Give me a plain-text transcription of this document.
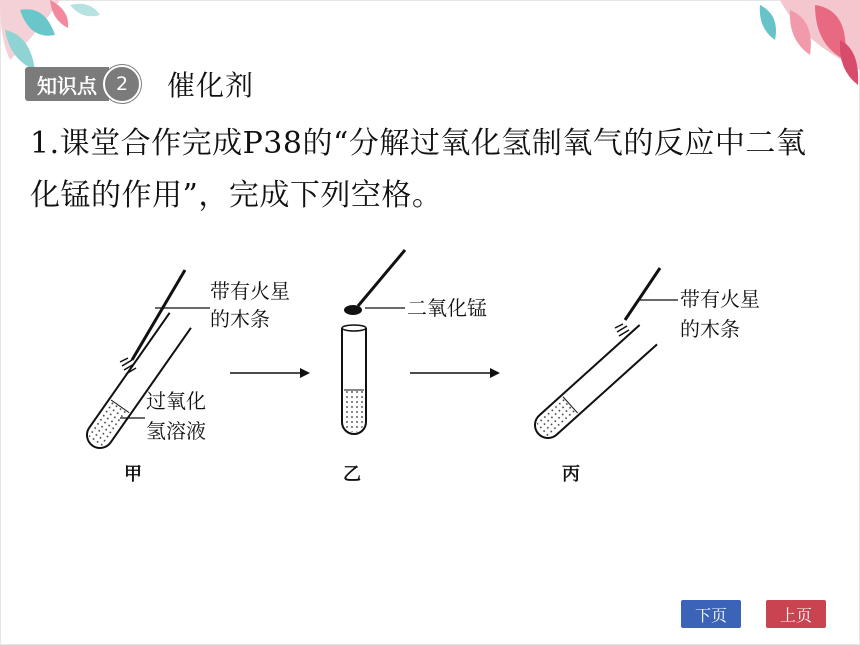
知识点 2	催化剂
1.课堂合作完成P38的“分解过氧化氢制氧气的反应中二氧化锰的作用”，完成下列空格。
带有火星
的木条
过氧化
氢溶液
甲
二氧化锰
乙
带有火星
的木条
丙
下页	上页
